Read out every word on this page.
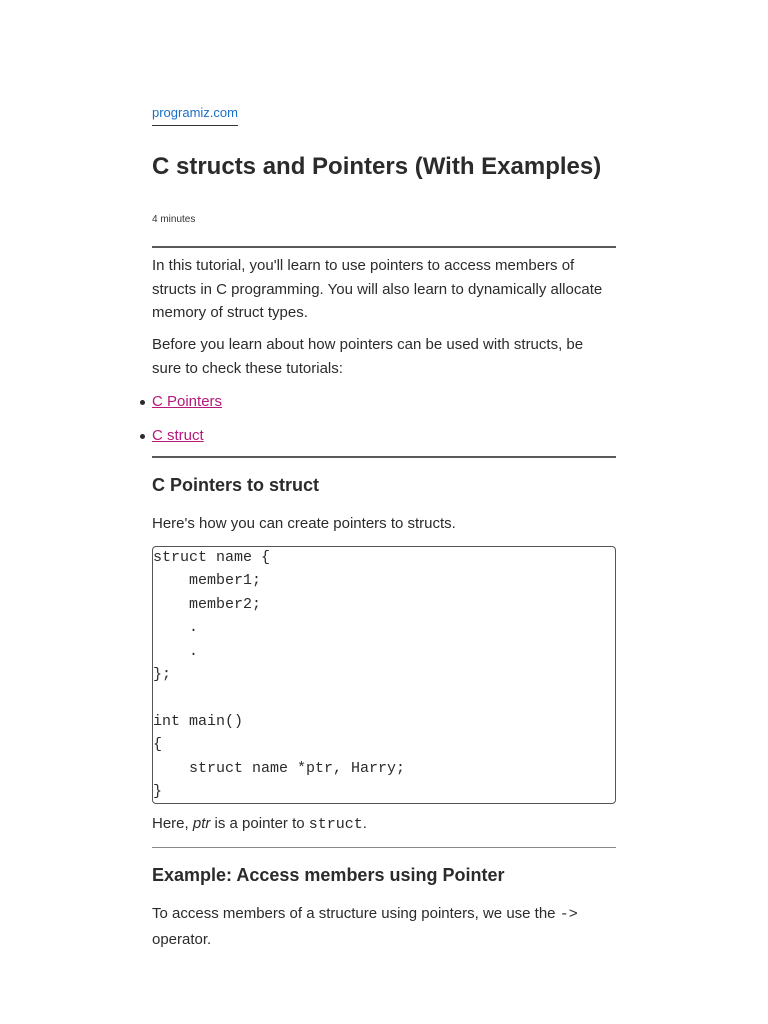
programiz.com
C structs and Pointers (With Examples)
4 minutes

In this tutorial, you'll learn to use pointers to access members of structs in C programming. You will also learn to dynamically allocate memory of struct types.

Before you learn about how pointers can be used with structs, be sure to check these tutorials:

C Pointers
C struct
C Pointers to struct

Here's how you can create pointers to structs.

struct name {
member1;
member2;
.
.
};

int main()
{
struct name *ptr, Harry;
}

Here, ptr is a pointer to struct.

Example: Access members using Pointer

To access members of a structure using pointers, we use the -> operator.
